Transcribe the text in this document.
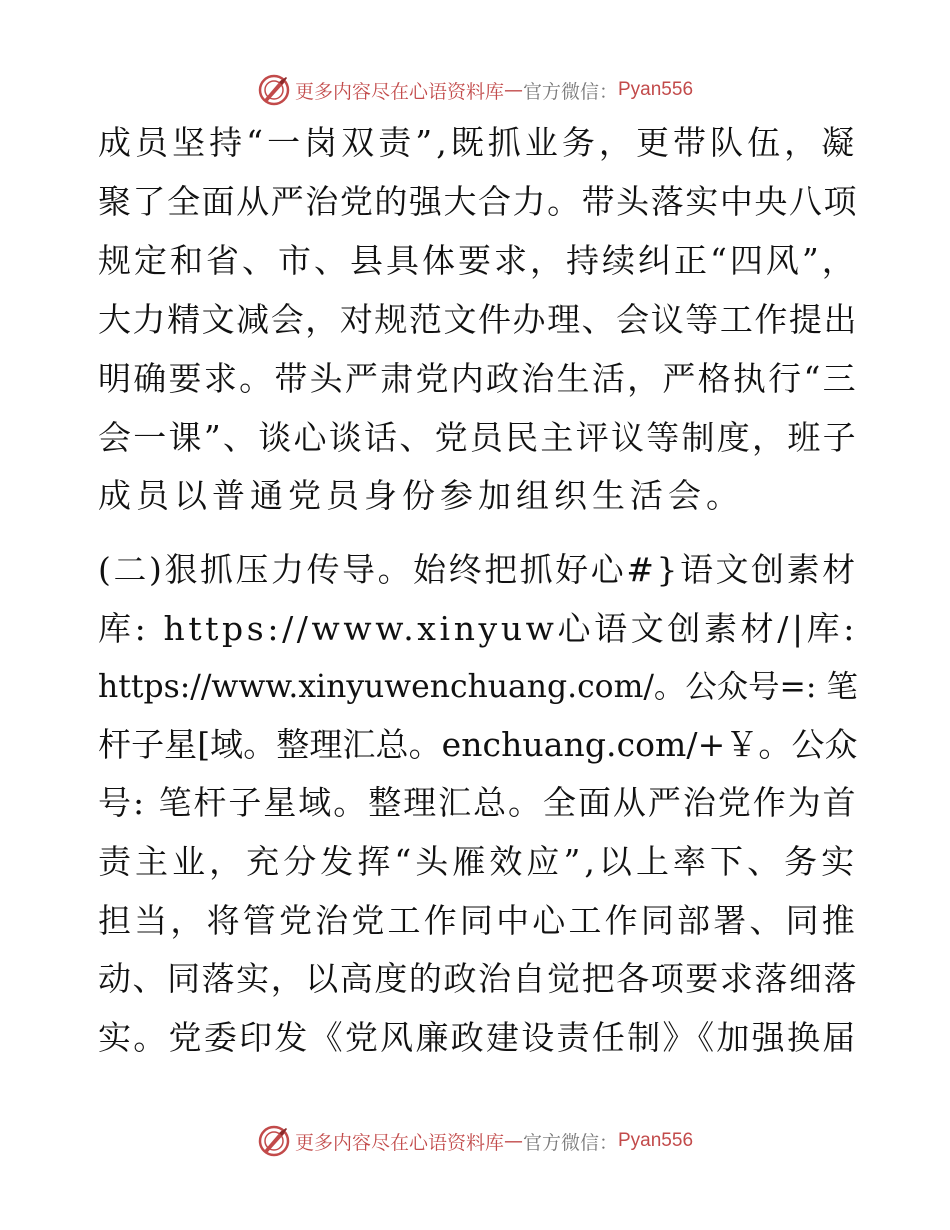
更多内容尽在心语资料库 — 官方微信： Pyan556
成员坚持“一岗双责”,既抓业务，更带队伍，凝
聚了全面从严治党的强大合力。带头落实中央八项
规定和省、市、县具体要求，持续纠正“四风”，
大力精文减会，对规范文件办理、会议等工作提出
明确要求。带头严肃党内政治生活，严格执行“三
会一课”、谈心谈话、党员民主评议等制度，班子
成员以普通党员身份参加组织生活会。
(二)狠抓压力传导。始终把抓好心#}语文创素材
库: https://www.xinyuw心语文创素材/|库:
https://www.xinyuwenchuang.com/。公众号=: 笔
杆子星[域。整理汇总。enchuang.com/+￥。公众
号: 笔杆子星域。整理汇总。全面从严治党作为首
责主业，充分发挥“头雁效应”,以上率下、务实
担当，将管党治党工作同中心工作同部署、同推
动、同落实，以高度的政治自觉把各项要求落细落
实。党委印发《党风廉政建设责任制》《加强换届
更多内容尽在心语资料库 — 官方微信： Pyan556
